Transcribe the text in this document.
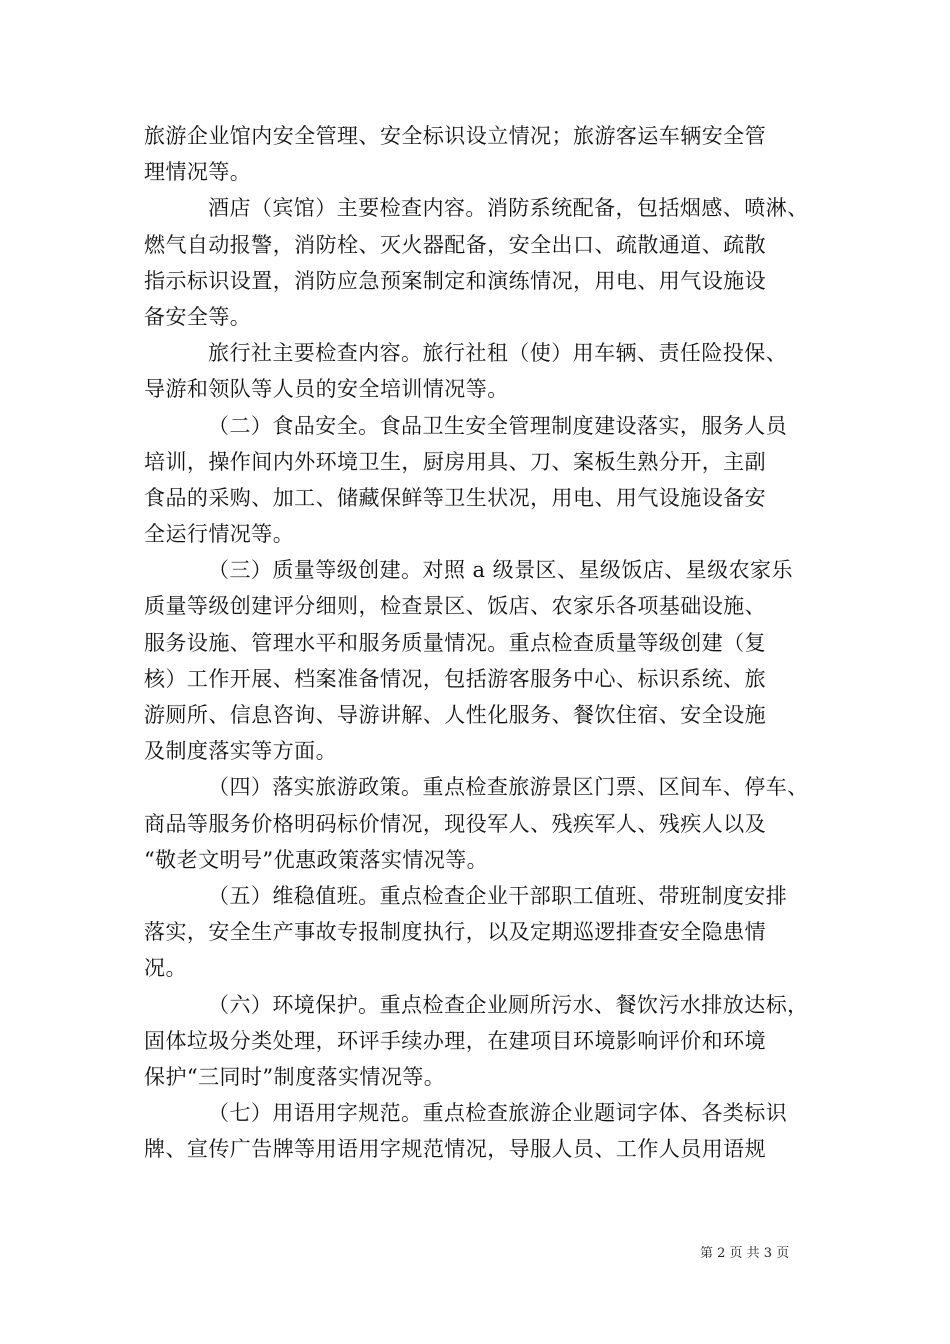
旅游企业馆内安全管理、安全标识设立情况；旅游客运车辆安全管
理情况等。
酒店（宾馆）主要检查内容。消防系统配备，包括烟感、喷淋、
燃气自动报警，消防栓、灭火器配备，安全出口、疏散通道、疏散
指示标识设置，消防应急预案制定和演练情况，用电、用气设施设
备安全等。
旅行社主要检查内容。旅行社租（使）用车辆、责任险投保、
导游和领队等人员的安全培训情况等。
（二）食品安全。食品卫生安全管理制度建设落实，服务人员
培训，操作间内外环境卫生，厨房用具、刀、案板生熟分开，主副
食品的采购、加工、储藏保鲜等卫生状况，用电、用气设施设备安
全运行情况等。
（三）质量等级创建。对照 a 级景区、星级饭店、星级农家乐
质量等级创建评分细则，检查景区、饭店、农家乐各项基础设施、
服务设施、管理水平和服务质量情况。重点检查质量等级创建（复
核）工作开展、档案准备情况，包括游客服务中心、标识系统、旅
游厕所、信息咨询、导游讲解、人性化服务、餐饮住宿、安全设施
及制度落实等方面。
（四）落实旅游政策。重点检查旅游景区门票、区间车、停车、
商品等服务价格明码标价情况，现役军人、残疾军人、残疾人以及
“敬老文明号”优惠政策落实情况等。
（五）维稳值班。重点检查企业干部职工值班、带班制度安排
落实，安全生产事故专报制度执行，以及定期巡逻排查安全隐患情
况。
（六）环境保护。重点检查企业厕所污水、餐饮污水排放达标，
固体垃圾分类处理，环评手续办理，在建项目环境影响评价和环境
保护“三同时”制度落实情况等。
（七）用语用字规范。重点检查旅游企业题词字体、各类标识
牌、宣传广告牌等用语用字规范情况，导服人员、工作人员用语规
第 2 页 共 3 页
